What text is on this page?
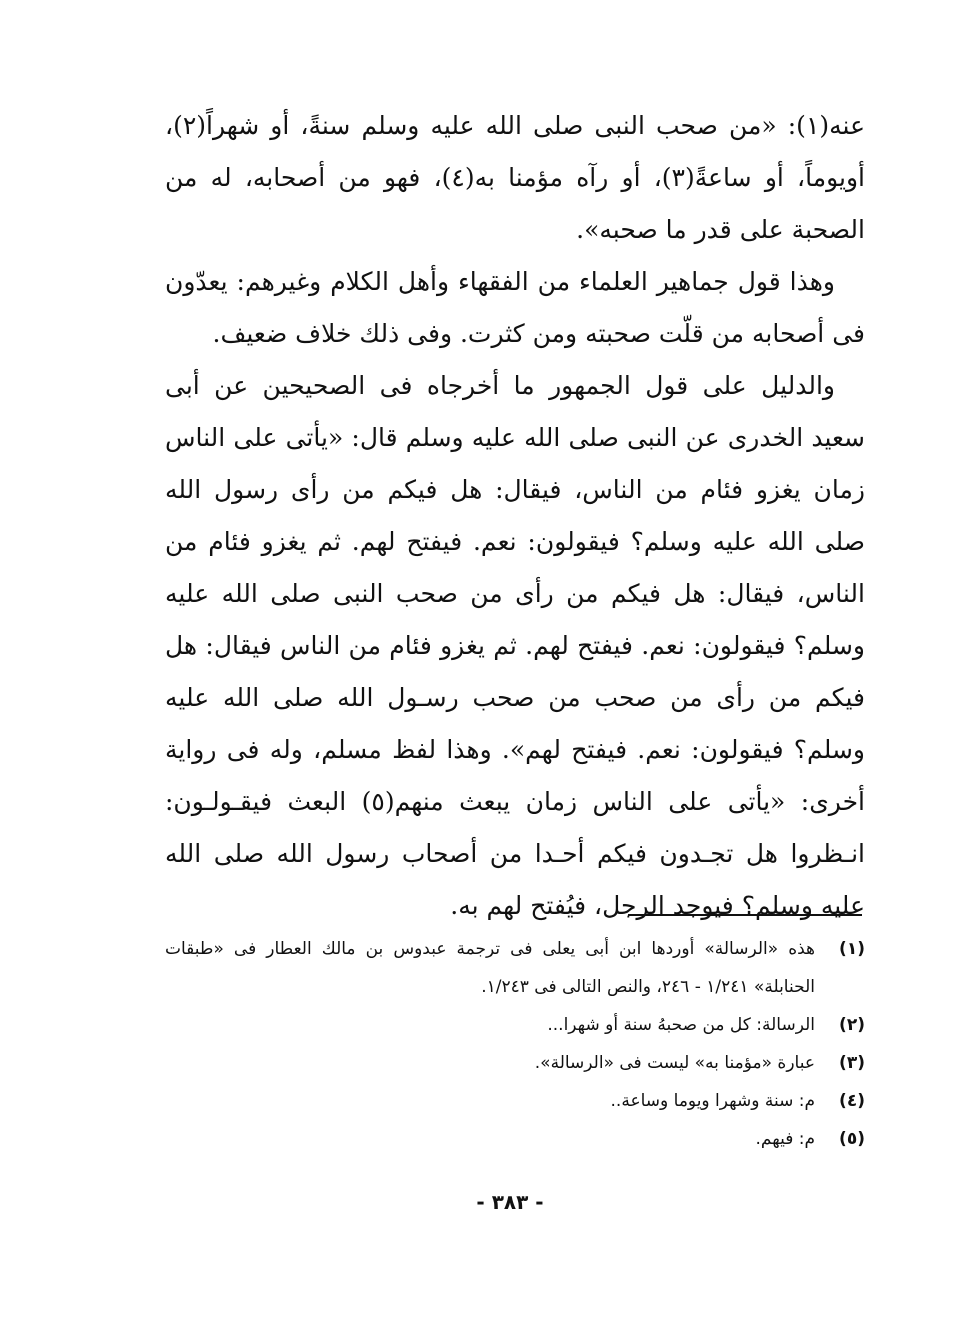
عنه(١): «من صحب النبى صلى الله عليه وسلم سنةً، أو شهراً(٢)، أويوماً، أو ساعةً(٣)، أو رآه مؤمنا به(٤)، فهو من أصحابه، له من الصحبة على قدر ما صحبه».

وهذا قول جماهير العلماء من الفقهاء وأهل الكلام وغيرهم: يعدّون فى أصحابه من قلّت صحبته ومن كثرت. وفى ذلك خلاف ضعيف.

والدليل على قول الجمهور ما أخرجاه فى الصحيحين عن أبى سعيد الخدرى عن النبى صلى الله عليه وسلم قال: «يأتى على الناس زمان يغزو فئام من الناس، فيقال: هل فيكم من رأى رسول الله صلى الله عليه وسلم؟ فيقولون: نعم. فيفتح لهم. ثم يغزو فئام من الناس، فيقال: هل فيكم من رأى من صحب النبى صلى الله عليه وسلم؟ فيقولون: نعم. فيفتح لهم. ثم يغزو فئام من الناس فيقال: هل فيكم من رأى من صحب من صحب رسـول الله صلى الله عليه وسلم؟ فيقولون: نعم. فيفتح لهم». وهذا لفظ مسلم، وله فى رواية أخرى: «يأتى على الناس زمان يبعث منهم(٥) البعث فيقـولـون: انـظروا هل تجـدون فيكم أحـدا من أصحاب رسول الله صلى الله عليه وسلم؟ فيوجد الرجل، فيُفتح لهم به.

(١)
هذه «الرسالة» أوردها ابن أبى يعلى فى ترجمة عبدوس بن مالك العطار فى «طبقات الحنابلة» ١/٢٤١ - ٢٤٦، والنص التالى فى ١/٢٤٣.
(٢)
الرسالة: كل من صحبهُ سنة أو شهرا...
(٣)
عبارة «مؤمنا به» ليست فى «الرسالة».
(٤)
م: سنة وشهرا ويوما وساعة..
(٥)
م: فيهم.
- ٣٨٣ -
